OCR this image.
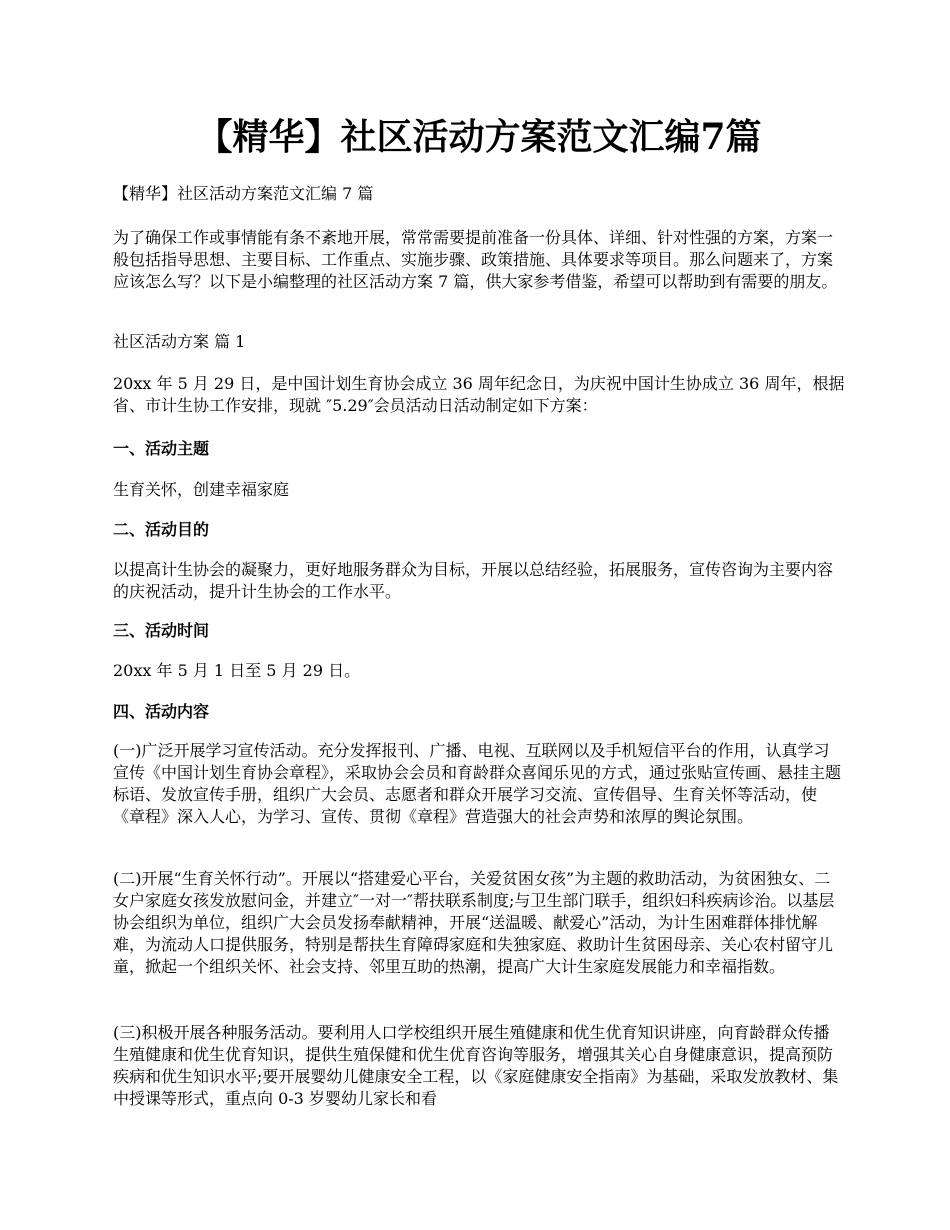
【精华】社区活动方案范文汇编7篇

【精华】社区活动方案范文汇编 7 篇

为了确保工作或事情能有条不紊地开展，常常需要提前准备一份具体、详细、针对性强的方案，方案一般包括指导思想、主要目标、工作重点、实施步骤、政策措施、具体要求等项目。那么问题来了，方案应该怎么写？以下是小编整理的社区活动方案 7 篇，供大家参考借鉴，希望可以帮助到有需要的朋友。

社区活动方案 篇 1

20xx 年 5 月 29 日，是中国计划生育协会成立 36 周年纪念日，为庆祝中国计生协成立 36 周年，根据省、市计生协工作安排，现就 ″5.29″会员活动日活动制定如下方案：

一、活动主题

生育关怀，创建幸福家庭

二、活动目的

以提高计生协会的凝聚力，更好地服务群众为目标，开展以总结经验，拓展服务，宣传咨询为主要内容的庆祝活动，提升计生协会的工作水平。

三、活动时间

20xx 年 5 月 1 日至 5 月 29 日。

四、活动内容

(一)广泛开展学习宣传活动。充分发挥报刊、广播、电视、互联网以及手机短信平台的作用，认真学习宣传《中国计划生育协会章程》，采取协会会员和育龄群众喜闻乐见的方式，通过张贴宣传画、悬挂主题标语、发放宣传手册，组织广大会员、志愿者和群众开展学习交流、宣传倡导、生育关怀等活动，使《章程》深入人心，为学习、宣传、贯彻《章程》营造强大的社会声势和浓厚的舆论氛围。

(二)开展“生育关怀行动”。开展以“搭建爱心平台，关爱贫困女孩”为主题的救助活动，为贫困独女、二女户家庭女孩发放慰问金，并建立″一对一″帮扶联系制度;与卫生部门联手，组织妇科疾病诊治。以基层协会组织为单位，组织广大会员发扬奉献精神，开展“送温暖、献爱心”活动，为计生困难群体排忧解难，为流动人口提供服务，特别是帮扶生育障碍家庭和失独家庭、救助计生贫困母亲、关心农村留守儿童，掀起一个组织关怀、社会支持、邻里互助的热潮，提高广大计生家庭发展能力和幸福指数。

(三)积极开展各种服务活动。要利用人口学校组织开展生殖健康和优生优育知识讲座，向育龄群众传播生殖健康和优生优育知识，提供生殖保健和优生优育咨询等服务，增强其关心自身健康意识，提高预防疾病和优生知识水平;要开展婴幼儿健康安全工程，以《家庭健康安全指南》为基础，采取发放教材、集中授课等形式，重点向 0-3 岁婴幼儿家长和看
